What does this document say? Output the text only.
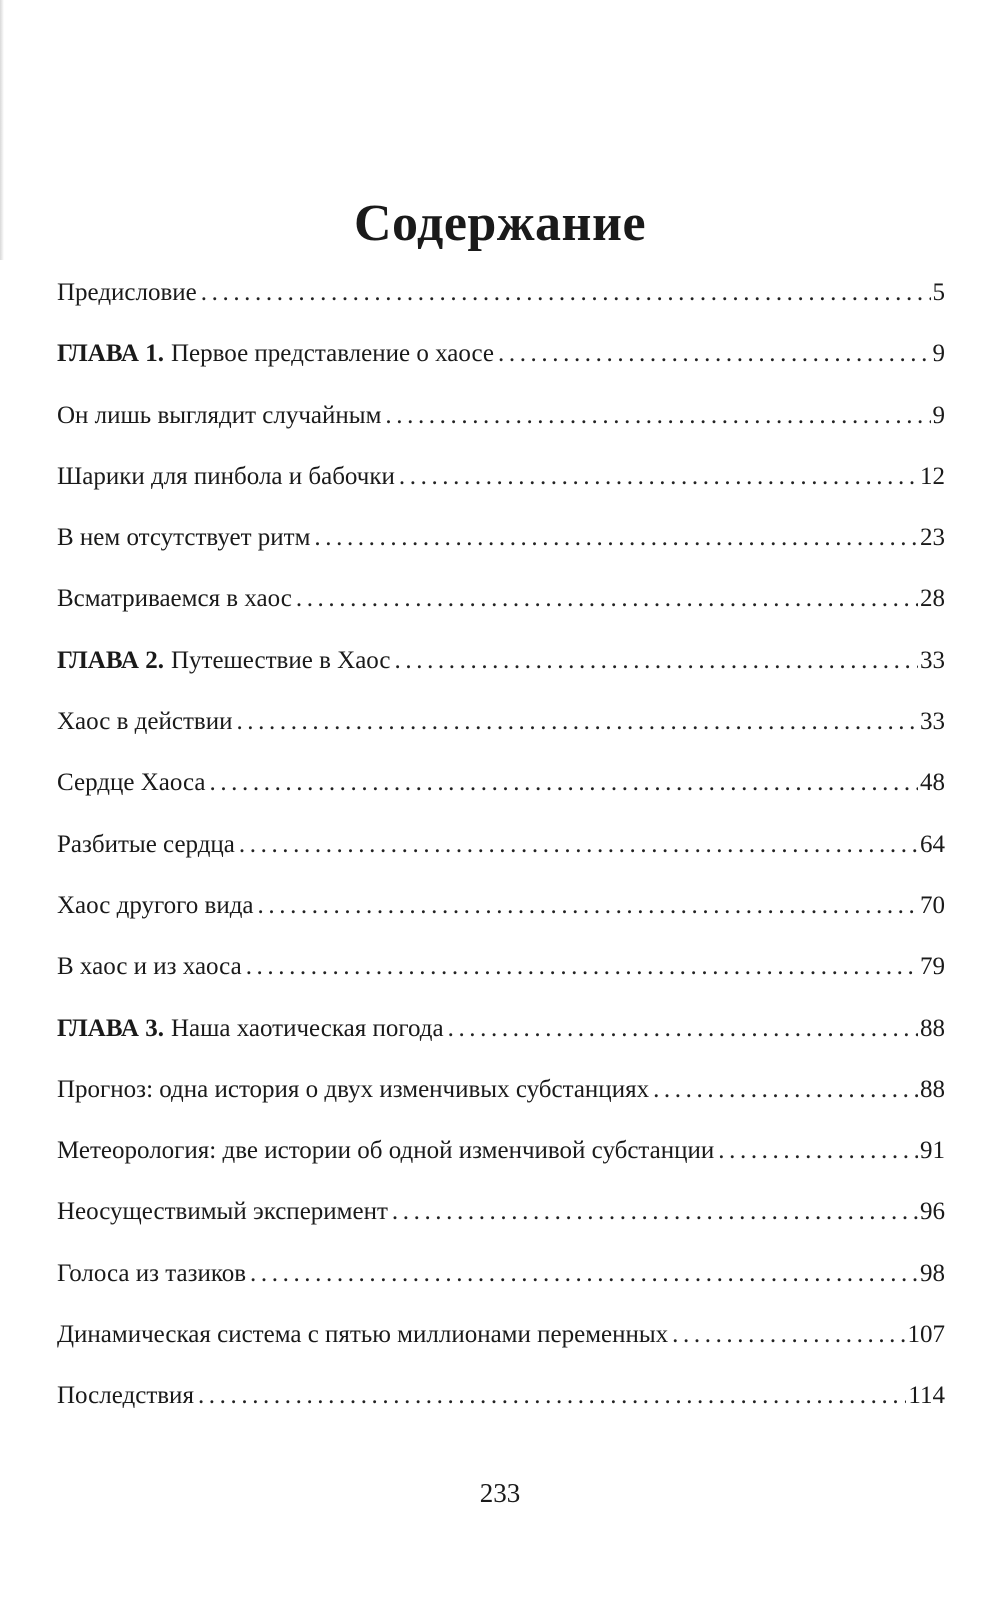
Содержание
Предисловие .....	5
ГЛАВА 1. Первое представление о хаосе .....	9
Он лишь выглядит случайным .....	9
Шарики для пинбола и бабочки .....	12
В нем отсутствует ритм .....	23
Всматриваемся в хаос .....	28
ГЛАВА 2. Путешествие в Хаос .....	33
Хаос в действии .....	33
Сердце Хаоса .....	48
Разбитые сердца .....	64
Хаос другого вида .....	70
В хаос и из хаоса .....	79
ГЛАВА 3. Наша хаотическая погода .....	88
Прогноз: одна история о двух изменчивых субстанциях .....	88
Метеорология: две истории об одной изменчивой субстанции .....	91
Неосуществимый эксперимент .....	96
Голоса из тазиков .....	98
Динамическая система с пятью миллионами переменных .....	107
Последствия .....	114
233
